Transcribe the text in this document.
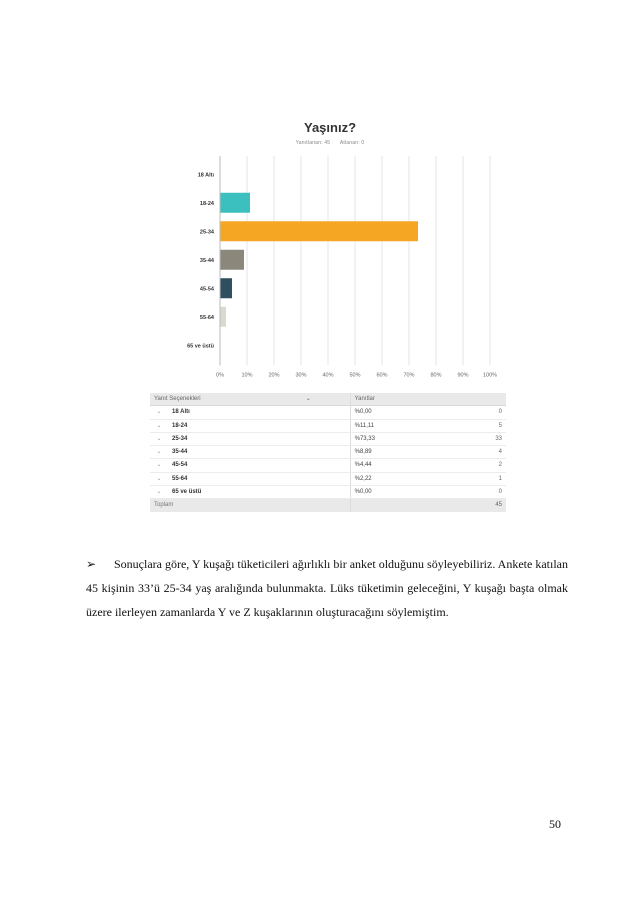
Yaşınız?
Yanıtlanan: 45 Atlanan: 0
0%	10%	20%	30%	40%	50%	60%	70%	80%	90%	100%
18 Altı
18-24
25-34
35-44
45-54
55-64
65 ve üstü
Yanıt Seçenekleri		⌄	Yanıtlar	
⌄	18 Altı		%0,00	0
⌄	18-24		%11,11	5
⌄	25-34		%73,33	33
⌄	35-44		%8,89	4
⌄	45-54		%4,44	2
⌄	55-64		%2,22	1
⌄	65 ve üstü		%0,00	0
Toplam				45
➢ Sonuçlara göre, Y kuşağı tüketicileri ağırlıklı bir anket olduğunu söyleyebiliriz. Ankete katılan 45 kişinin 33’ü 25-34 yaş aralığında bulunmakta. Lüks tüketimin geleceğini, Y kuşağı başta olmak üzere ilerleyen zamanlarda Y ve Z kuşaklarının oluşturacağını söylemiştim.
50
